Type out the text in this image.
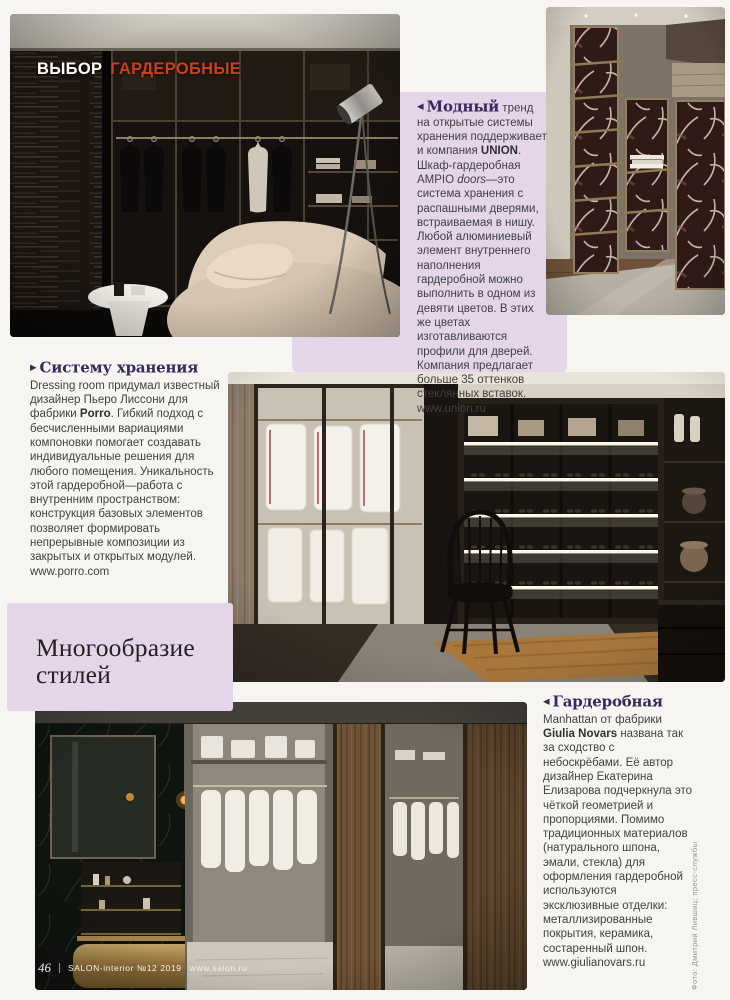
ВЫБОР ГАРДЕРОБНЫЕ

◀ Модный тренд на открытые системы хранения поддерживает и компания UNION. Шкаф-гардеробная AMPIO doors—это система хранения с распашными дверями, встраиваемая в нишу. Любой алюминиевый элемент внутреннего наполнения гардеробной можно выполнить в одном из девяти цветов. В этих же цветах изготавливаются профили для дверей. Компания предлагает больше 35 оттенков стеклянных вставок. www.union.ru

▶ Систему хранения
Dressing room придумал известный дизайнер Пьеро Лиссони для фабрики Porro. Гибкий подход с бесчисленными вариациями компоновки помогает создавать индивидуальные решения для любого помещения. Уникальность этой гардеробной—работа с внутренним пространством: конструкция базовых элементов позволяет формировать непрерывные композиции из закрытых и открытых модулей. www.porro.com

Многообразие
стилей

◀ Гардеробная
Manhattan от фабрики Giulia Novars названа так за сходство с небоскрёбами. Её автор дизайнер Екатерина Елизарова подчеркнула это чёткой геометрией и пропорциями. Помимо традиционных материалов (натурального шпона, эмали, стекла) для оформления гардеробной используются эксклюзивные отделки: металлизированные покрытия, керамика, состаренный шпон. www.giulianovars.ru

46 SALON-interior №12 2019 www.salon.ru	Фото: Дмитрий Лившиц; пресс-службы
